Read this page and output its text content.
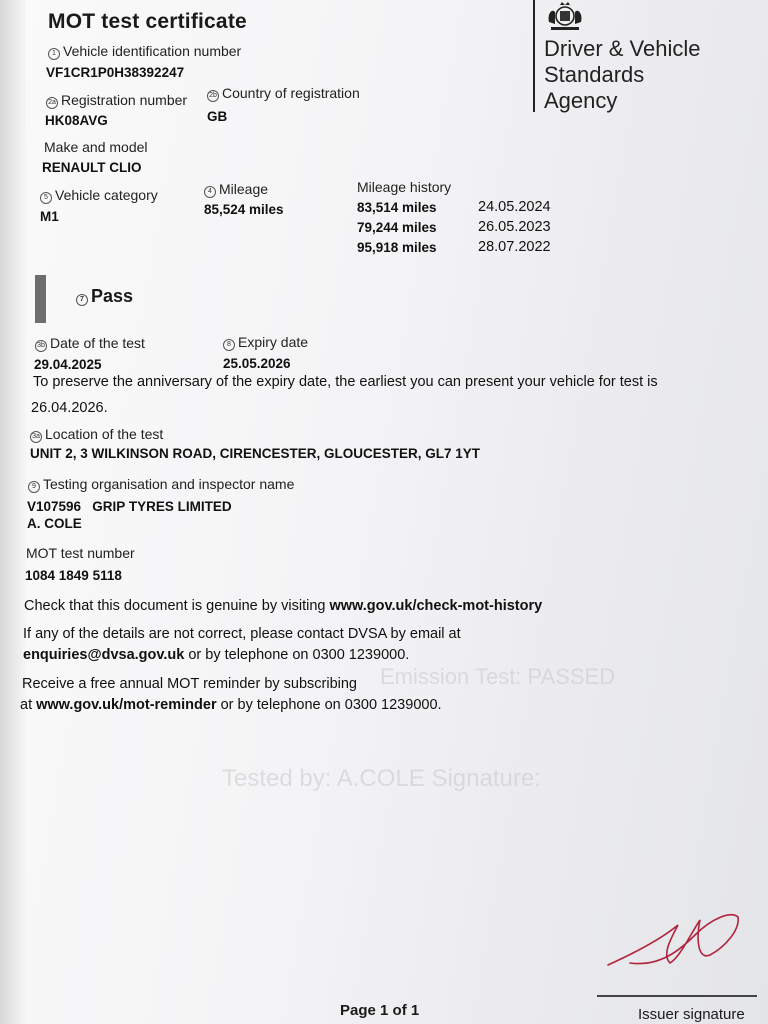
Emission Test: PASSED
Tested by: A.COLE Signature:
MOT test certificate
Driver & Vehicle
Standards
Agency
1 Vehicle identification number
VF1CR1P0H38392247
2a Registration number
HK08AVG
2b Country of registration
GB
Make and model
RENAULT CLIO
5 Vehicle category
M1
4 Mileage
85,524 miles
Mileage history
83,514 miles	24.05.2024
79,244 miles	26.05.2023
95,918 miles	28.07.2022
7 Pass
3b Date of the test
29.04.2025
8 Expiry date
25.05.2026
To preserve the anniversary of the expiry date, the earliest you can present your vehicle for test is
26.04.2026.
3a Location of the test
UNIT 2, 3 WILKINSON ROAD, CIRENCESTER, GLOUCESTER, GL7 1YT
9 Testing organisation and inspector name
V107596   GRIP TYRES LIMITED
A. COLE
MOT test number
1084 1849 5118
Check that this document is genuine by visiting www.gov.uk/check-mot-history
If any of the details are not correct, please contact DVSA by email at
enquiries@dvsa.gov.uk or by telephone on 0300 1239000.
Receive a free annual MOT reminder by subscribing
at www.gov.uk/mot-reminder or by telephone on 0300 1239000.
Issuer signature
Page 1 of 1
